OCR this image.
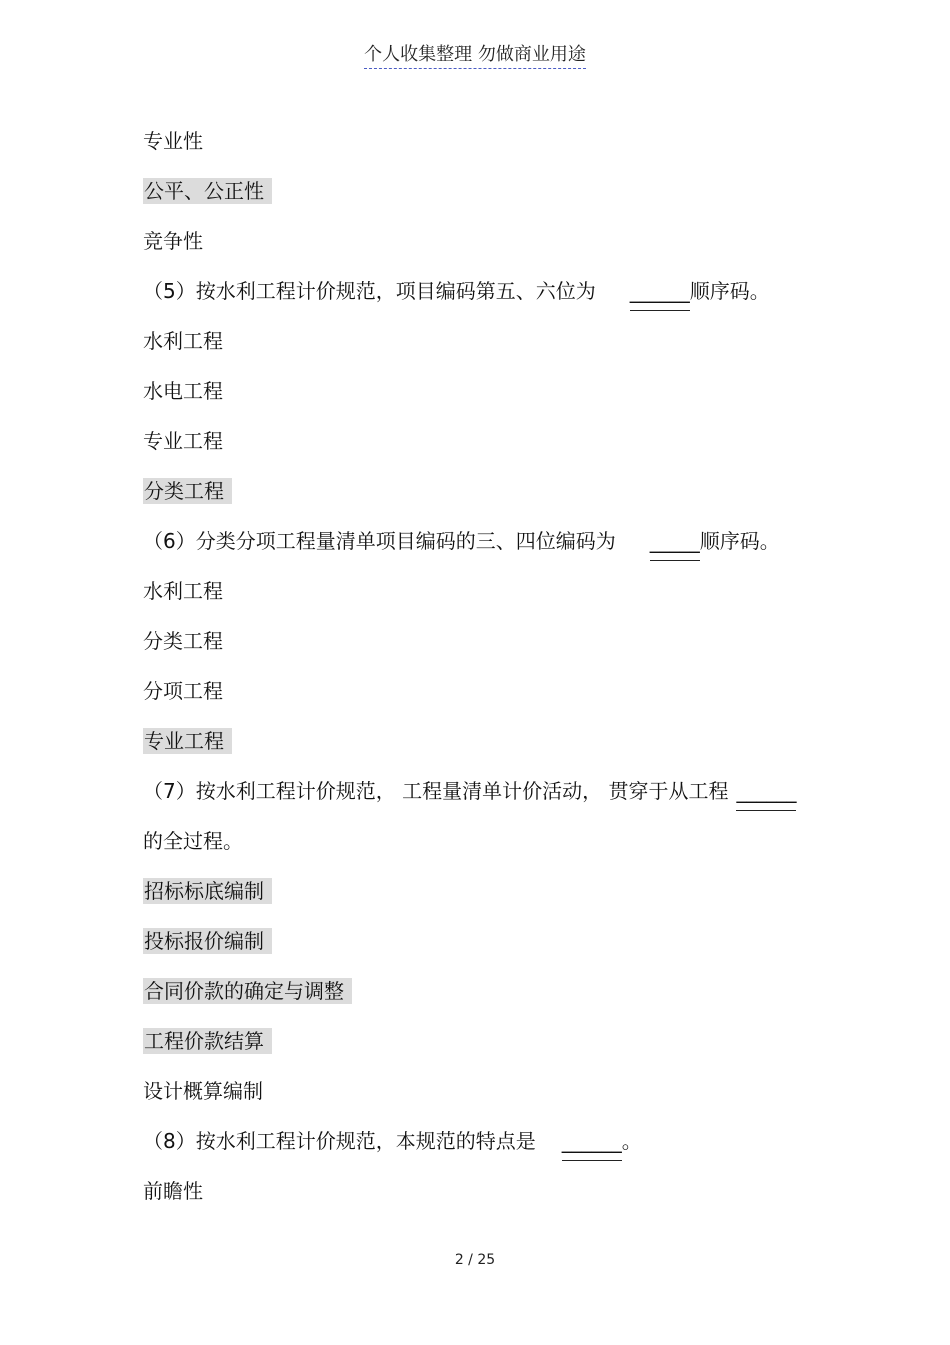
个人收集整理 勿做商业用途
专业性
公平、公正性
竞争性
（5）按水利工程计价规范，项目编码第五、六位为 ______顺序码。
水利工程
水电工程
专业工程
分类工程
（6）分类分项工程量清单项目编码的三、四位编码为 _____顺序码。
水利工程
分类工程
分项工程
专业工程
（7）按水利工程计价规范， 工程量清单计价活动， 贯穿于从工程 ______
的全过程。
招标标底编制
投标报价编制
合同价款的确定与调整
工程价款结算
设计概算编制
（8）按水利工程计价规范，本规范的特点是 ______。
前瞻性
2 / 25
